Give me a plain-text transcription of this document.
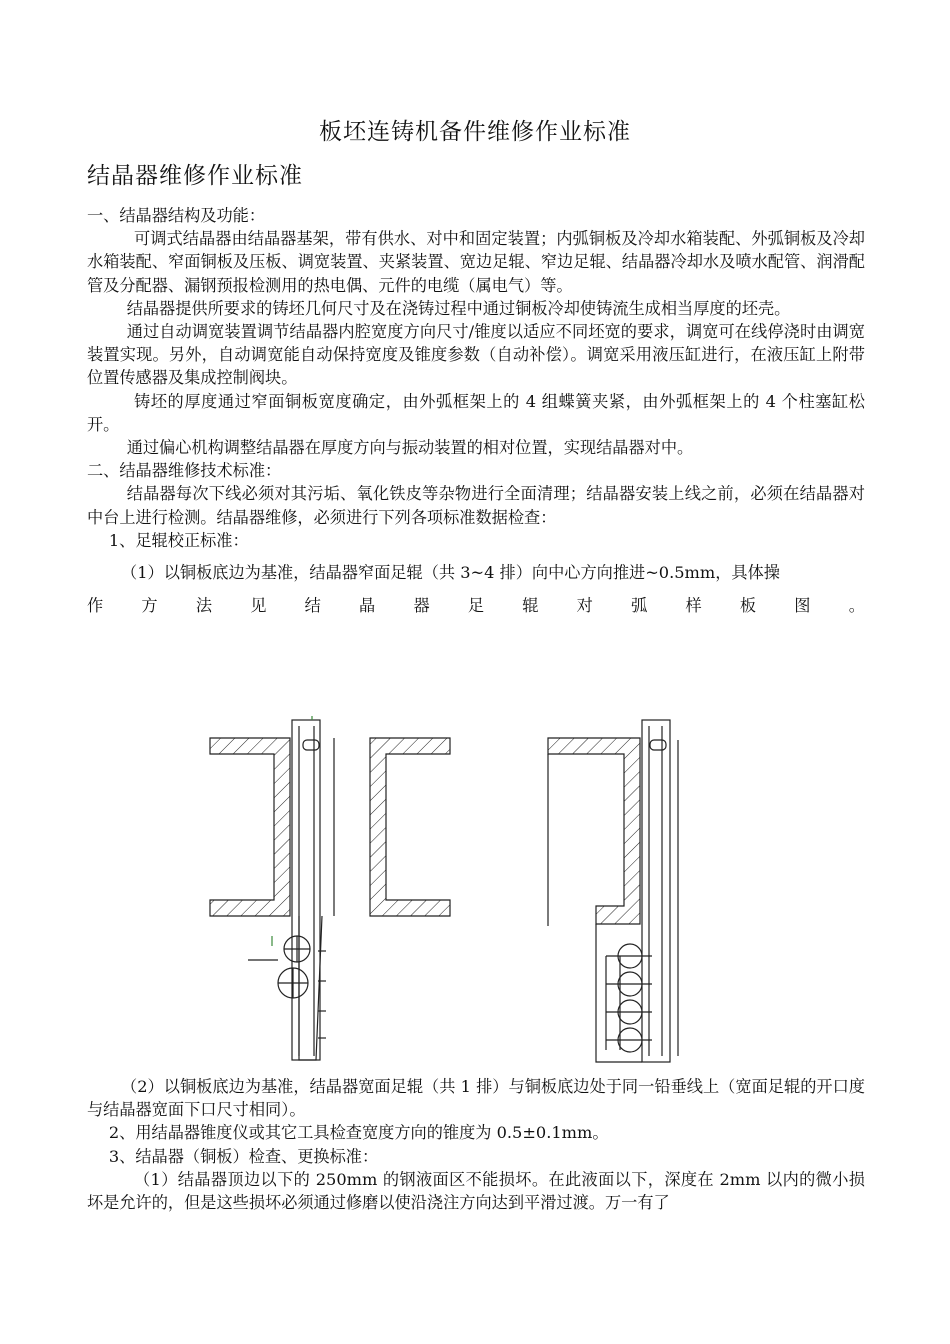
板坯连铸机备件维修作业标准
结晶器维修作业标准

一、结晶器结构及功能：

可调式结晶器由结晶器基架，带有供水、对中和固定装置；内弧铜板及冷却水箱装配、外弧铜板及冷却水箱装配、窄面铜板及压板、调宽装置、夹紧装置、宽边足辊、窄边足辊、结晶器冷却水及喷水配管、润滑配管及分配器、漏钢预报检测用的热电偶、元件的电缆（属电气）等。

结晶器提供所要求的铸坯几何尺寸及在浇铸过程中通过铜板冷却使铸流生成相当厚度的坯壳。

通过自动调宽装置调节结晶器内腔宽度方向尺寸/锥度以适应不同坯宽的要求，调宽可在线停浇时由调宽装置实现。另外，自动调宽能自动保持宽度及锥度参数（自动补偿）。调宽采用液压缸进行，在液压缸上附带位置传感器及集成控制阀块。

铸坯的厚度通过窄面铜板宽度确定，由外弧框架上的 4 组蝶簧夹紧，由外弧框架上的 4 个柱塞缸松开。

通过偏心机构调整结晶器在厚度方向与振动装置的相对位置，实现结晶器对中。

二、结晶器维修技术标准：

结晶器每次下线必须对其污垢、氧化铁皮等杂物进行全面清理；结晶器安装上线之前，必须在结晶器对中台上进行检测。结晶器维修，必须进行下列各项标准数据检查：

1、足辊校正标准：

（1）以铜板底边为基准，结晶器窄面足辊（共 3~4 排）向中心方向推进~0.5mm，具体操

作 方 法 见 结 晶 器 足 辊 对 弧 样 板 图 。

（2）以铜板底边为基准，结晶器宽面足辊（共 1 排）与铜板底边处于同一铅垂线上（宽面足辊的开口度与结晶器宽面下口尺寸相同）。

2、用结晶器锥度仪或其它工具检查宽度方向的锥度为 0.5±0.1mm。

3、结晶器（铜板）检查、更换标准：

（1）结晶器顶边以下的 250mm 的钢液面区不能损坏。在此液面以下，深度在 2mm 以内的微小损坏是允许的，但是这些损坏必须通过修磨以使沿浇注方向达到平滑过渡。万一有了
